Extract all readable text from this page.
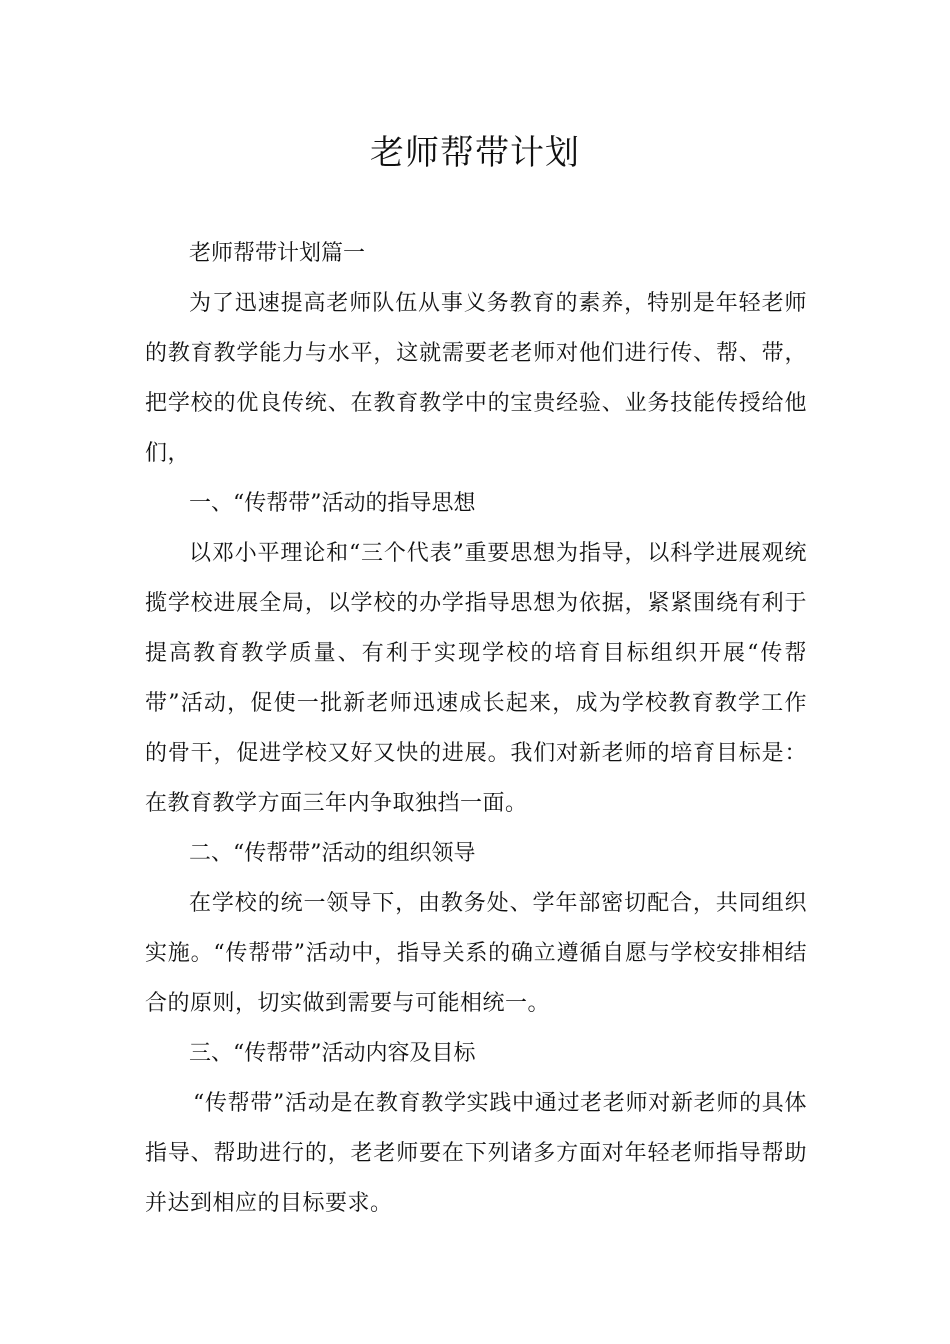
老师帮带计划

老师帮带计划篇一

为了迅速提高老师队伍从事义务教育的素养，特别是年轻老师的教育教学能力与水平，这就需要老老师对他们进行传、帮、带，把学校的优良传统、在教育教学中的宝贵经验、业务技能传授给他们，

一、“传帮带”活动的指导思想

以邓小平理论和“三个代表”重要思想为指导，以科学进展观统揽学校进展全局，以学校的办学指导思想为依据，紧紧围绕有利于提高教育教学质量、有利于实现学校的培育目标组织开展“传帮带”活动，促使一批新老师迅速成长起来，成为学校教育教学工作的骨干，促进学校又好又快的进展。我们对新老师的培育目标是：在教育教学方面三年内争取独挡一面。

二、“传帮带”活动的组织领导

在学校的统一领导下，由教务处、学年部密切配合，共同组织实施。“传帮带”活动中，指导关系的确立遵循自愿与学校安排相结合的原则，切实做到需要与可能相统一。

三、“传帮带”活动内容及目标

“传帮带”活动是在教育教学实践中通过老老师对新老师的具体指导、帮助进行的，老老师要在下列诸多方面对年轻老师指导帮助并达到相应的目标要求。
